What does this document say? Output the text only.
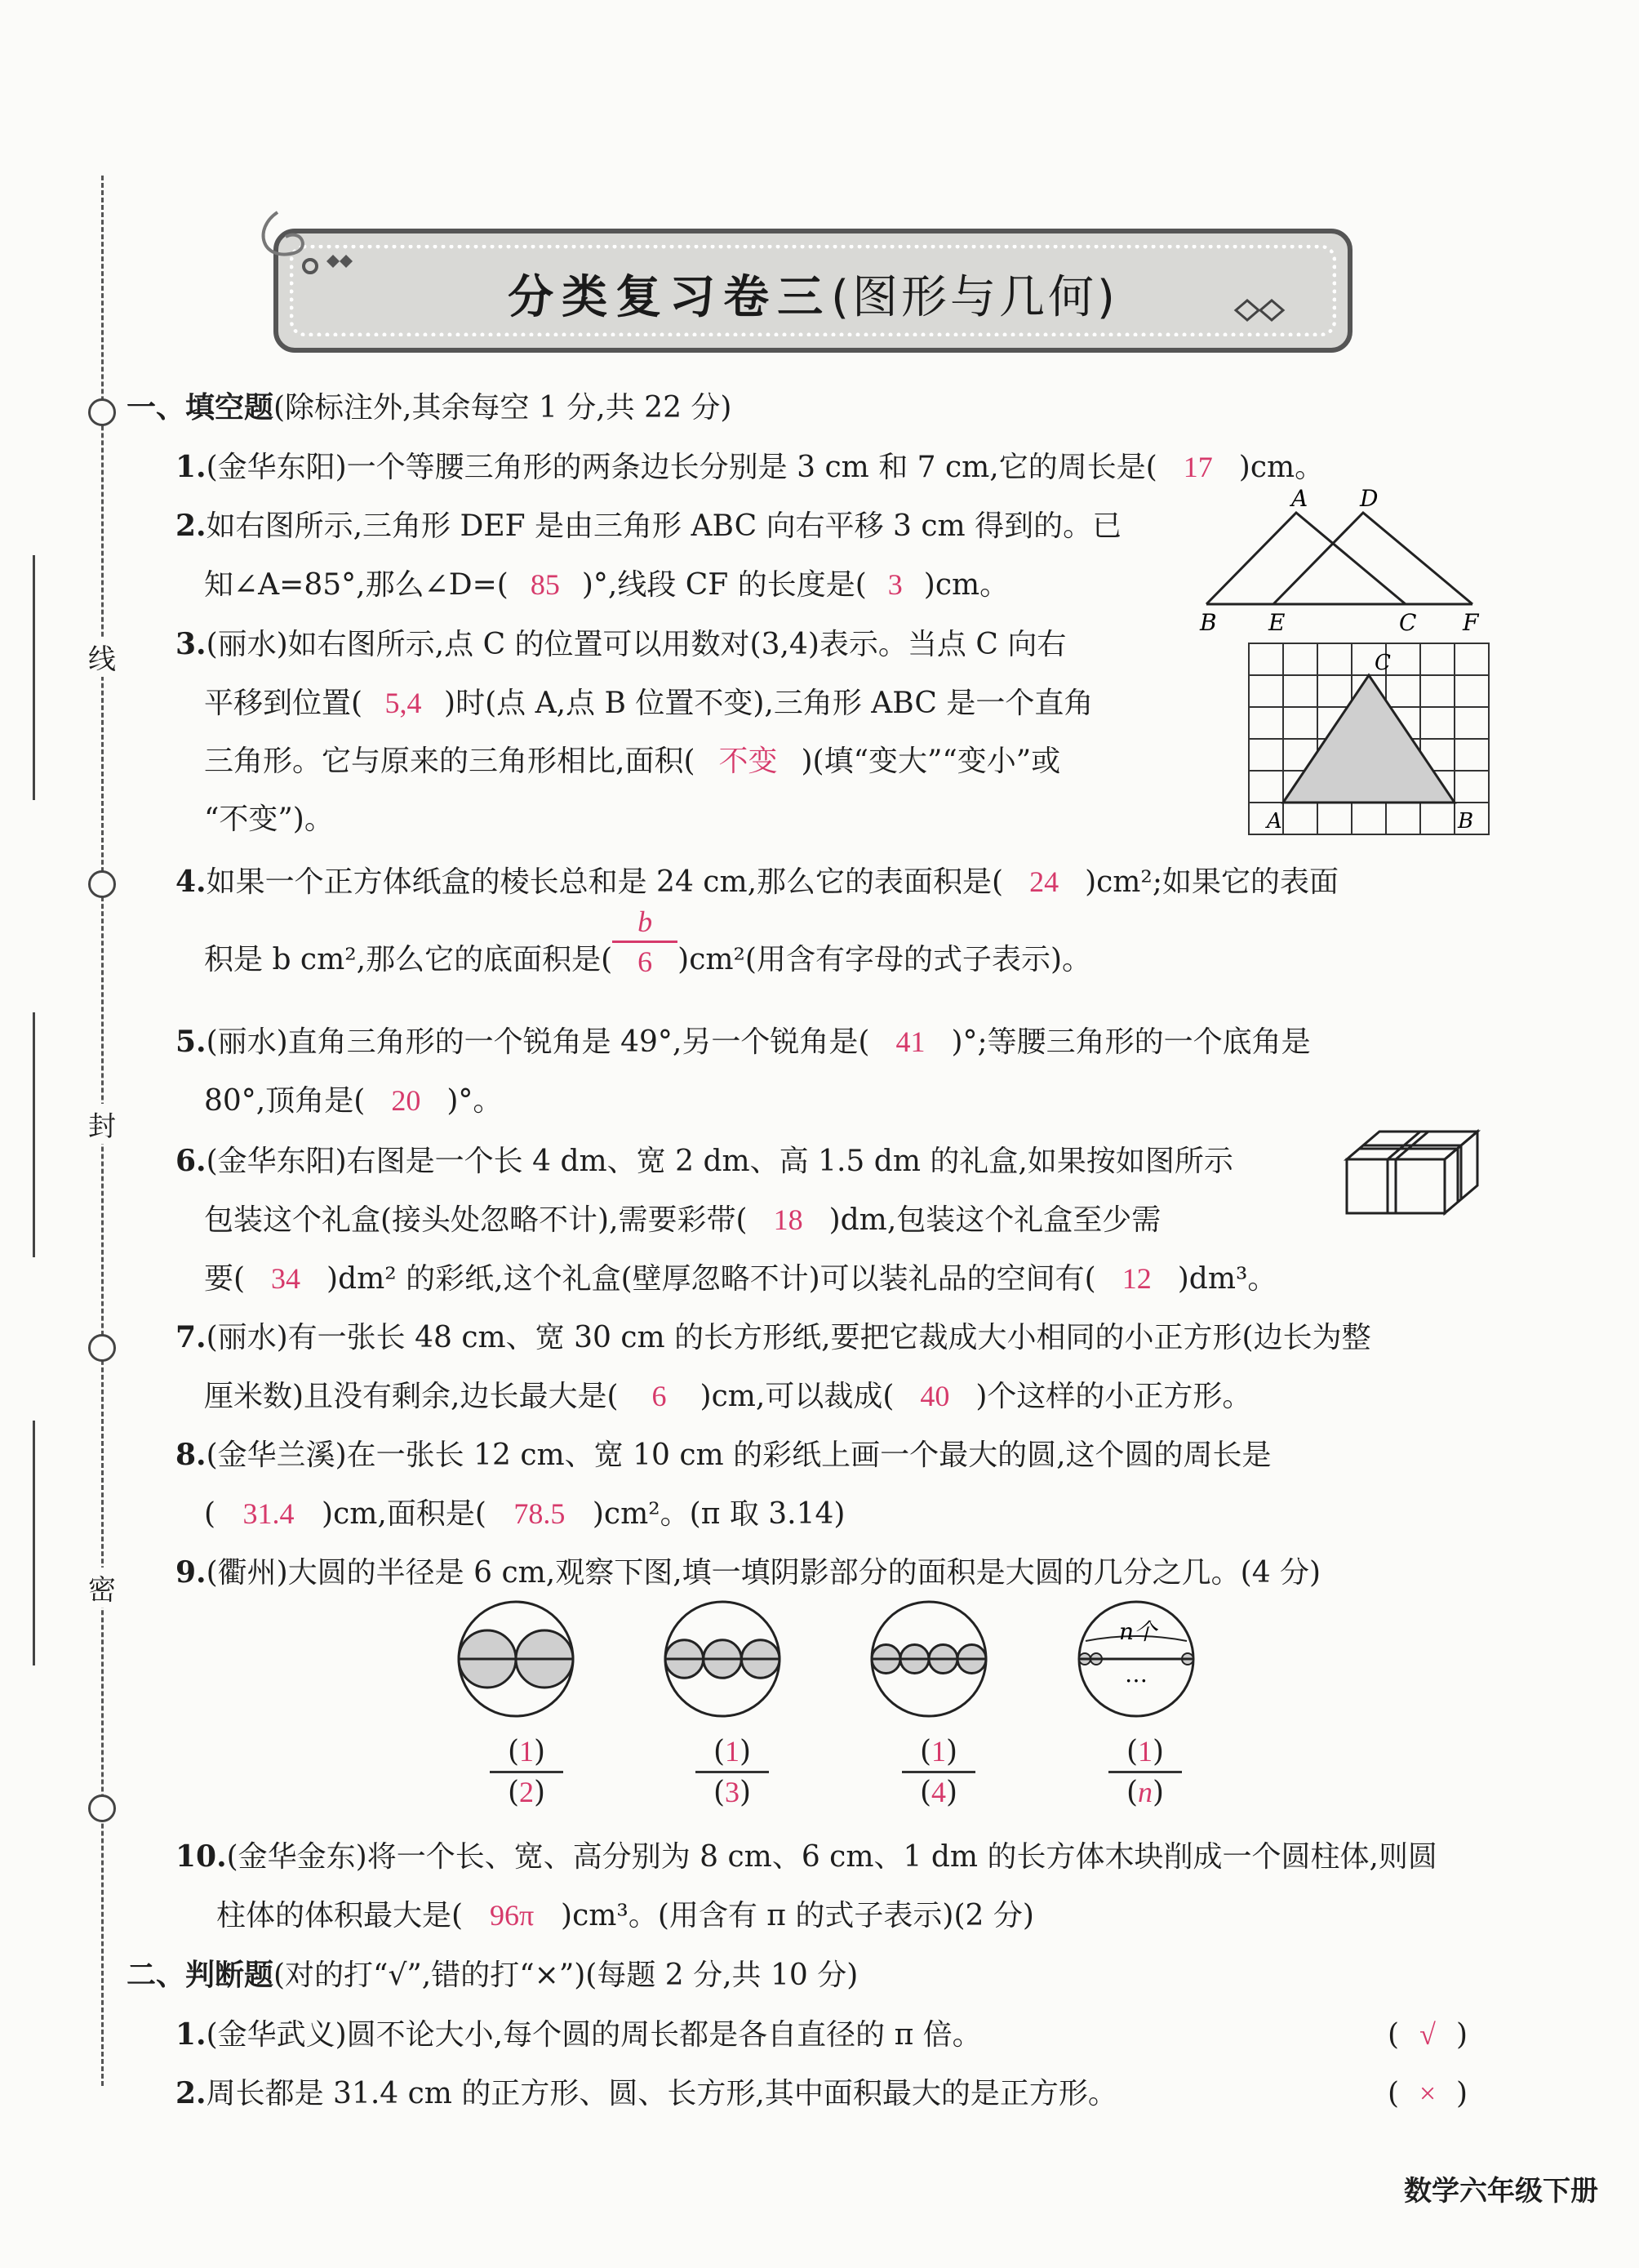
线
封
密
分类复习卷三(图形与几何)
一、填空题(除标注外,其余每空 1 分,共 22 分)
1.(金华东阳)一个等腰三角形的两条边长分别是 3 cm 和 7 cm,它的周长是( 17 )cm。
2.如右图所示,三角形 DEF 是由三角形 ABC 向右平移 3 cm 得到的。已
知∠A=85°,那么∠D=( 85 )°,线段 CF 的长度是( 3 )cm。
A D
B E	C F
3.(丽水)如右图所示,点 C 的位置可以用数对(3,4)表示。当点 C 向右
平移到位置( 5,4 )时(点 A,点 B 位置不变),三角形 ABC 是一个直角
三角形。它与原来的三角形相比,面积( 不变 )(填“变大”“变小”或
“不变”)。
C
A	B
4.如果一个正方体纸盒的棱长总和是 24 cm,那么它的表面积是( 24 )cm²;如果它的表面
积是 b cm²,那么它的底面积是( $\frac{b}{6} )cm^2$(用含有字母的式子表示)。
5.(丽水)直角三角形的一个锐角是 49°,另一个锐角是( 41 )°;等腰三角形的一个底角是
80°,顶角是( 20 )°。
6.(金华东阳)右图是一个长 4 dm、宽 2 dm、高 1.5 dm 的礼盒,如果按如图所示
包装这个礼盒(接头处忽略不计),需要彩带( 18 )dm,包装这个礼盒至少需
要( 34 )dm² 的彩纸,这个礼盒(壁厚忽略不计)可以装礼品的空间有( 12 )dm³。
7.(丽水)有一张长 48 cm、宽 30 cm 的长方形纸,要把它裁成大小相同的小正方形(边长为整
厘米数)且没有剩余,边长最大是( 6 )cm,可以裁成( 40 )个这样的小正方形。
8.(金华兰溪)在一张长 12 cm、宽 10 cm 的彩纸上画一个最大的圆,这个圆的周长是
( 31.4 )cm,面积是( 78.5 )cm²。(π 取 3.14)
9.(衢州)大圆的半径是 6 cm,观察下图,填一填阴影部分的面积是大圆的几分之几。(4 分)
n个
…
$\frac{(1)}{(2)}$	$\frac{(1)}{(3)}$	$\frac{(1)}{(4)}$	$\frac{(1)}{(n)}$
10.(金华金东)将一个长、宽、高分别为 8 cm、6 cm、1 dm 的长方体木块削成一个圆柱体,则圆
柱体的体积最大是( 96π )cm³。(用含有 π 的式子表示)(2 分)
二、判断题(对的打“√”,错的打“×”)(每题 2 分,共 10 分)
1.(金华武义)圆不论大小,每个圆的周长都是各自直径的 π 倍。	( √ )
2.周长都是 31.4 cm 的正方形、圆、长方形,其中面积最大的是正方形。	( × )
数学六年级下册
